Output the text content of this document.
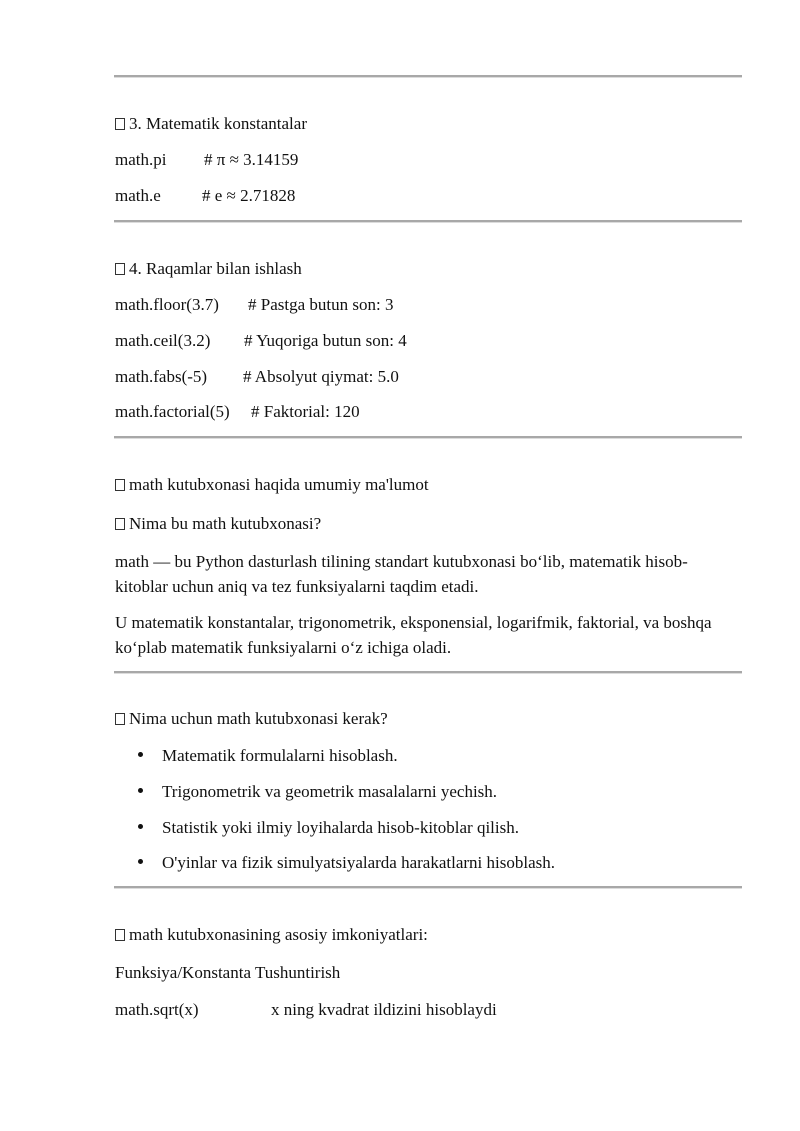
3. Matematik konstantalar
math.pi # π ≈ 3.14159
math.e # e ≈ 2.71828
4. Raqamlar bilan ishlash
math.floor(3.7) # Pastga butun son: 3
math.ceil(3.2) # Yuqoriga butun son: 4
math.fabs(-5) # Absolyut qiymat: 5.0
math.factorial(5) # Faktorial: 120
math kutubxonasi haqida umumiy ma'lumot
Nima bu math kutubxonasi?
math — bu Python dasturlash tilining standart kutubxonasi bo‘lib, matematik hisob-kitoblar uchun aniq va tez funksiyalarni taqdim etadi.
U matematik konstantalar, trigonometrik, eksponensial, logarifmik, faktorial, va boshqa ko‘plab matematik funksiyalarni o‘z ichiga oladi.
Nima uchun math kutubxonasi kerak?
Matematik formulalarni hisoblash.
Trigonometrik va geometrik masalalarni yechish.
Statistik yoki ilmiy loyihalarda hisob-kitoblar qilish.
O'yinlar va fizik simulyatsiyalarda harakatlarni hisoblash.
math kutubxonasining asosiy imkoniyatlari:
Funksiya/Konstanta Tushuntirish
math.sqrt(x)	x ning kvadrat ildizini hisoblaydi
